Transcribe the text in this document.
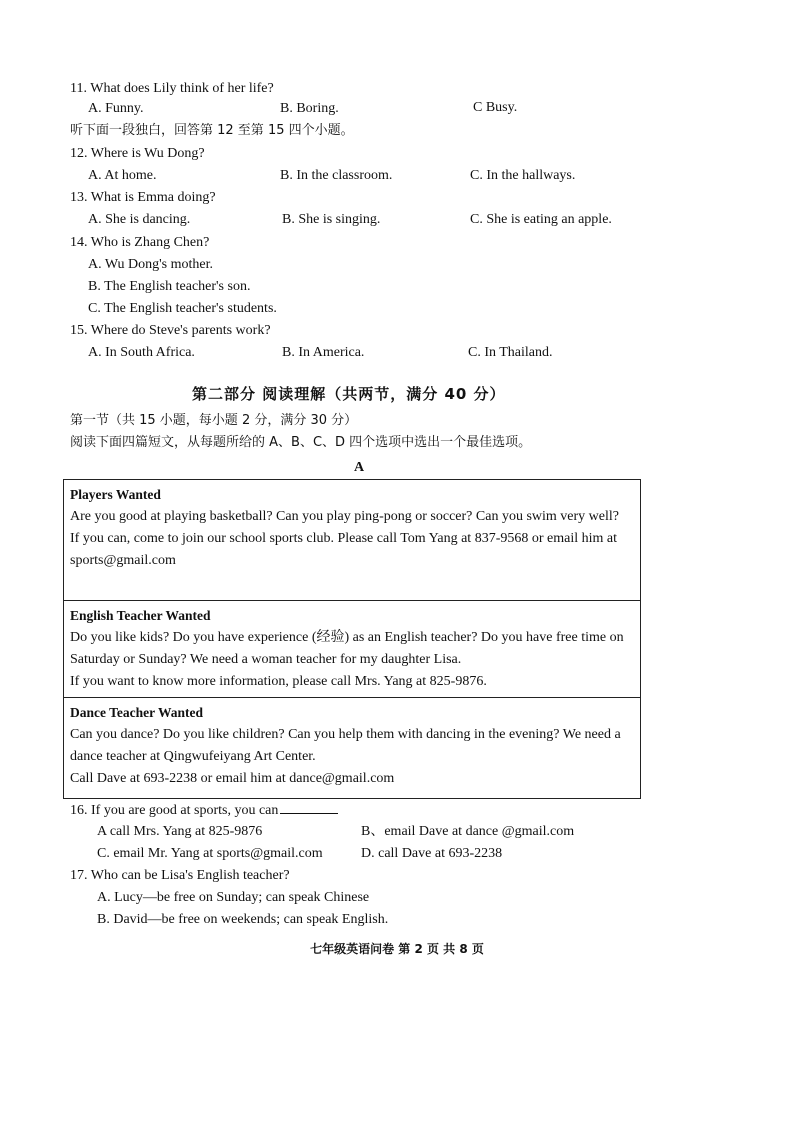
11. What does Lily think of her life?
A. Funny.	B. Boring.	C Busy.
听下面一段独白，回答第 12 至第 15 四个小题。
12. Where is Wu Dong?
A. At home.	B. In the classroom.	C. In the hallways.
13. What is Emma doing?
A. She is dancing.	B. She is singing.	C. She is eating an apple.
14. Who is Zhang Chen?
A. Wu Dong's mother.
B. The English teacher's son.
C. The English teacher's students.
15. Where do Steve's parents work?
A. In South Africa.	B. In America.	C. In Thailand.
第二部分 阅读理解（共两节，满分 40 分）
第一节（共 15 小题，每小题 2 分，满分 30 分）
阅读下面四篇短文，从每题所给的 A、B、C、D 四个选项中选出一个最佳选项。
A
Players Wanted
Are you good at playing basketball? Can you play ping-pong or soccer? Can you swim very well?
If you can, come to join our school sports club. Please call Tom Yang at 837-9568 or email him at sports@gmail.com
English Teacher Wanted
Do you like kids? Do you have experience (经验) as an English teacher? Do you have free time on Saturday or Sunday? We need a woman teacher for my daughter Lisa.
If you want to know more information, please call Mrs. Yang at 825-9876.
Dance Teacher Wanted
Can you dance? Do you like children? Can you help them with dancing in the evening? We need a dance teacher at Qingwufeiyang Art Center.
Call Dave at 693-2238 or email him at dance@gmail.com
16. If you are good at sports, you can
A call Mrs. Yang at 825-9876	B、email Dave at dance @gmail.com
C. email Mr. Yang at sports@gmail.com	D. call Dave at 693-2238
17. Who can be Lisa's English teacher?
A. Lucy—be free on Sunday; can speak Chinese
B. David—be free on weekends; can speak English.
七年级英语问卷 第 2 页 共 8 页
